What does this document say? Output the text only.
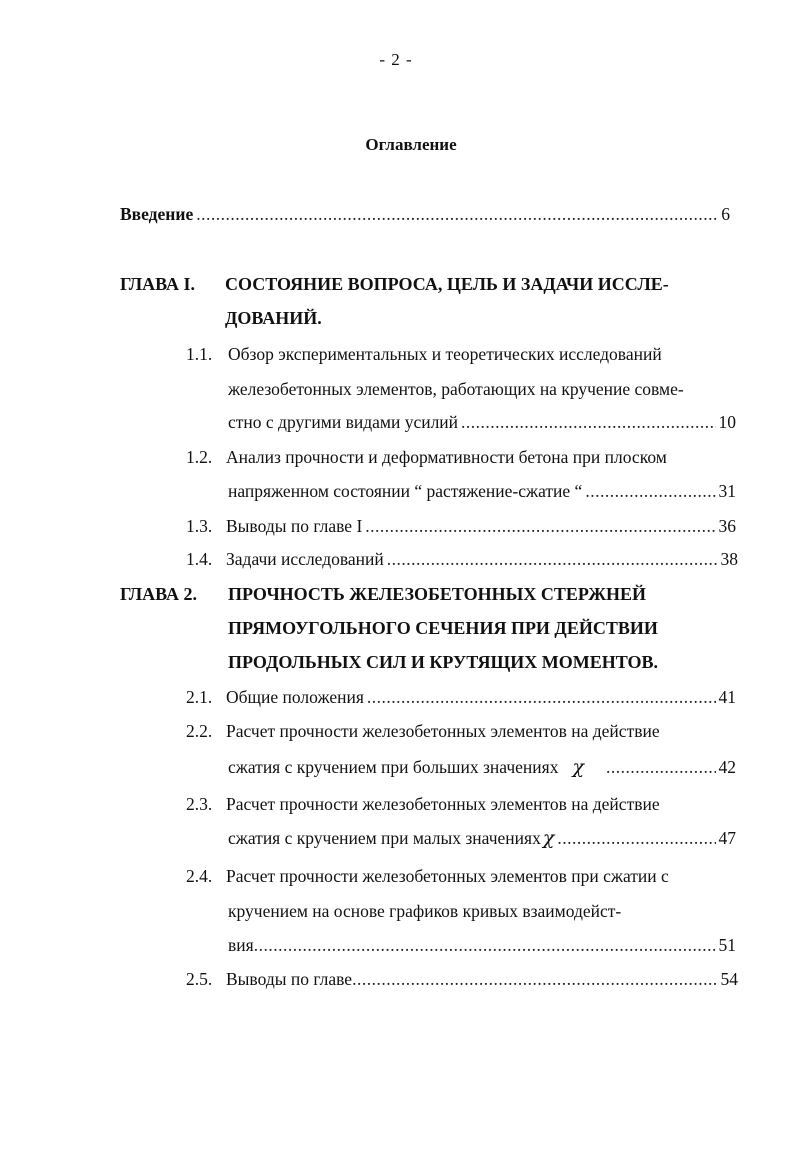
- 2 -
Оглавление
Введение .....	6
ГЛАВА I. СОСТОЯНИЕ ВОПРОСА, ЦЕЛЬ И ЗАДАЧИ ИССЛЕ-
ДОВАНИЙ.
1.1. Обзор экспериментальных и теоретических исследований
железобетонных элементов, работающих на кручение совме-
стно с другими видами усилий .....	10
1.2. Анализ прочности и деформативности бетона при плоском
напряженном состоянии “ растяжение-сжатие “ .....	31
1.3. Выводы по главе I .....	36
1.4. Задачи исследований .....	38
ГЛАВА 2. ПРОЧНОСТЬ ЖЕЛЕЗОБЕТОННЫХ СТЕРЖНЕЙ
ПРЯМОУГОЛЬНОГО СЕЧЕНИЯ ПРИ ДЕЙСТВИИ
ПРОДОЛЬНЫХ СИЛ И КРУТЯЩИХ МОМЕНТОВ.
2.1. Общие положения .....	41
2.2. Расчет прочности железобетонных элементов на действие
сжатия с кручением при больших значениях χ .....	42
2.3. Расчет прочности железобетонных элементов на действие
сжатия с кручением при малых значениях χ .....	47
2.4. Расчет прочности железобетонных элементов при сжатии с
кручением на основе графиков кривых взаимодейст-
вия .....	51
2.5. Выводы по главе .....	54
